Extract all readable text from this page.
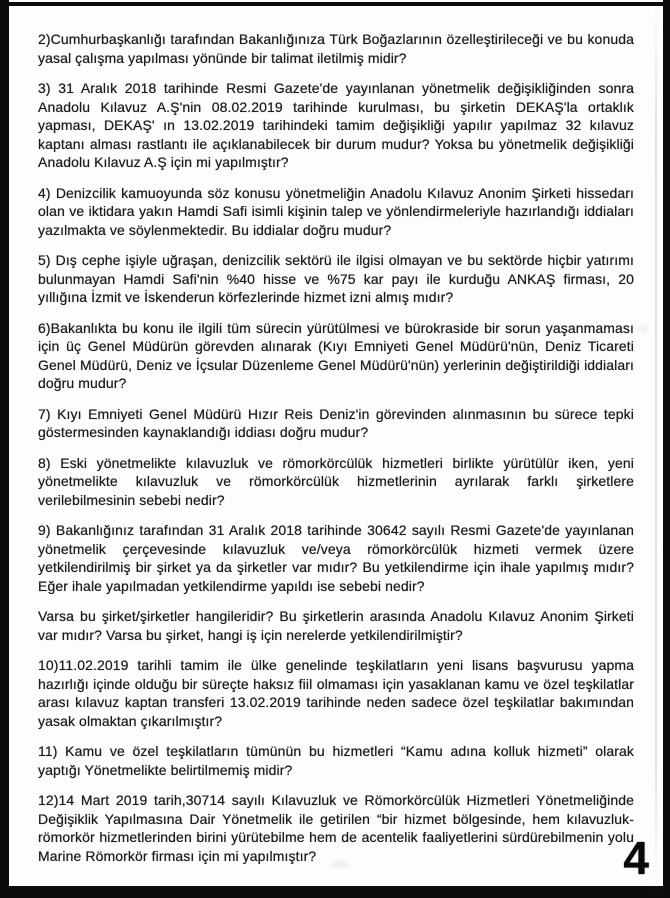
2)Cumhurbaşkanlığı tarafından Bakanlığınıza Türk Boğazlarının özelleştirileceği ve bu konuda yasal çalışma yapılması yönünde bir talimat iletilmiş midir?

3) 31 Aralık 2018 tarihinde Resmi Gazete'de yayınlanan yönetmelik değişikliğinden sonra Anadolu Kılavuz A.Ş'nin 08.02.2019 tarihinde kurulması, bu şirketin DEKAŞ'la ortaklık yapması, DEKAŞ' ın 13.02.2019 tarihindeki tamim değişikliği yapılır yapılmaz 32 kılavuz kaptanı alması rastlantı ile açıklanabilecek bir durum mudur? Yoksa bu yönetmelik değişikliği Anadolu Kılavuz A.Ş için mi yapılmıştır?

4) Denizcilik kamuoyunda söz konusu yönetmeliğin Anadolu Kılavuz Anonim Şirketi hissedarı olan ve iktidara yakın Hamdi Safi isimli kişinin talep ve yönlendirmeleriyle hazırlandığı iddiaları yazılmakta ve söylenmektedir. Bu iddialar doğru mudur?

5) Dış cephe işiyle uğraşan, denizcilik sektörü ile ilgisi olmayan ve bu sektörde hiçbir yatırımı bulunmayan Hamdi Safi'nin %40 hisse ve %75 kar payı ile kurduğu ANKAŞ firması, 20 yıllığına İzmit ve İskenderun körfezlerinde hizmet izni almış mıdır?

6)Bakanlıkta bu konu ile ilgili tüm sürecin yürütülmesi ve bürokraside bir sorun yaşanmaması için üç Genel Müdürün görevden alınarak (Kıyı Emniyeti Genel Müdürü'nün, Deniz Ticareti Genel Müdürü, Deniz ve İçsular Düzenleme Genel Müdürü'nün) yerlerinin değiştirildiği iddiaları doğru mudur?

7) Kıyı Emniyeti Genel Müdürü Hızır Reis Deniz'in görevinden alınmasının bu sürece tepki göstermesinden kaynaklandığı iddiası doğru mudur?

8) Eski yönetmelikte kılavuzluk ve römorkörcülük hizmetleri birlikte yürütülür iken, yeni yönetmelikte kılavuzluk ve römorkörcülük hizmetlerinin ayrılarak farklı şirketlere verilebilmesinin sebebi nedir?

9) Bakanlığınız tarafından 31 Aralık 2018 tarihinde 30642 sayılı Resmi Gazete'de yayınlanan yönetmelik çerçevesinde kılavuzluk ve/veya römorkörcülük hizmeti vermek üzere yetkilendirilmiş bir şirket ya da şirketler var mıdır? Bu yetkilendirme için ihale yapılmış mıdır? Eğer ihale yapılmadan yetkilendirme yapıldı ise sebebi nedir?

Varsa bu şirket/şirketler hangileridir? Bu şirketlerin arasında Anadolu Kılavuz Anonim Şirketi var mıdır? Varsa bu şirket, hangi iş için nerelerde yetkilendirilmiştir?

10)11.02.2019 tarihli tamim ile ülke genelinde teşkilatların yeni lisans başvurusu yapma hazırlığı içinde olduğu bir süreçte haksız fiil olmaması için yasaklanan kamu ve özel teşkilatlar arası kılavuz kaptan transferi 13.02.2019 tarihinde neden sadece özel teşkilatlar bakımından yasak olmaktan çıkarılmıştır?

11) Kamu ve özel teşkilatların tümünün bu hizmetleri “Kamu adına kolluk hizmeti” olarak yaptığı Yönetmelikte belirtilmemiş midir?

12)14 Mart 2019 tarih,30714 sayılı Kılavuzluk ve Römorkörcülük Hizmetleri Yönetmeliğinde Değişiklik Yapılmasına Dair Yönetmelik ile getirilen “bir hizmet bölgesinde, hem kılavuzluk- römorkör hizmetlerinden birini yürütebilme hem de acentelik faaliyetlerini sürdürebilmenin yolu Marine Römorkör firması için mi yapılmıştır?	4
